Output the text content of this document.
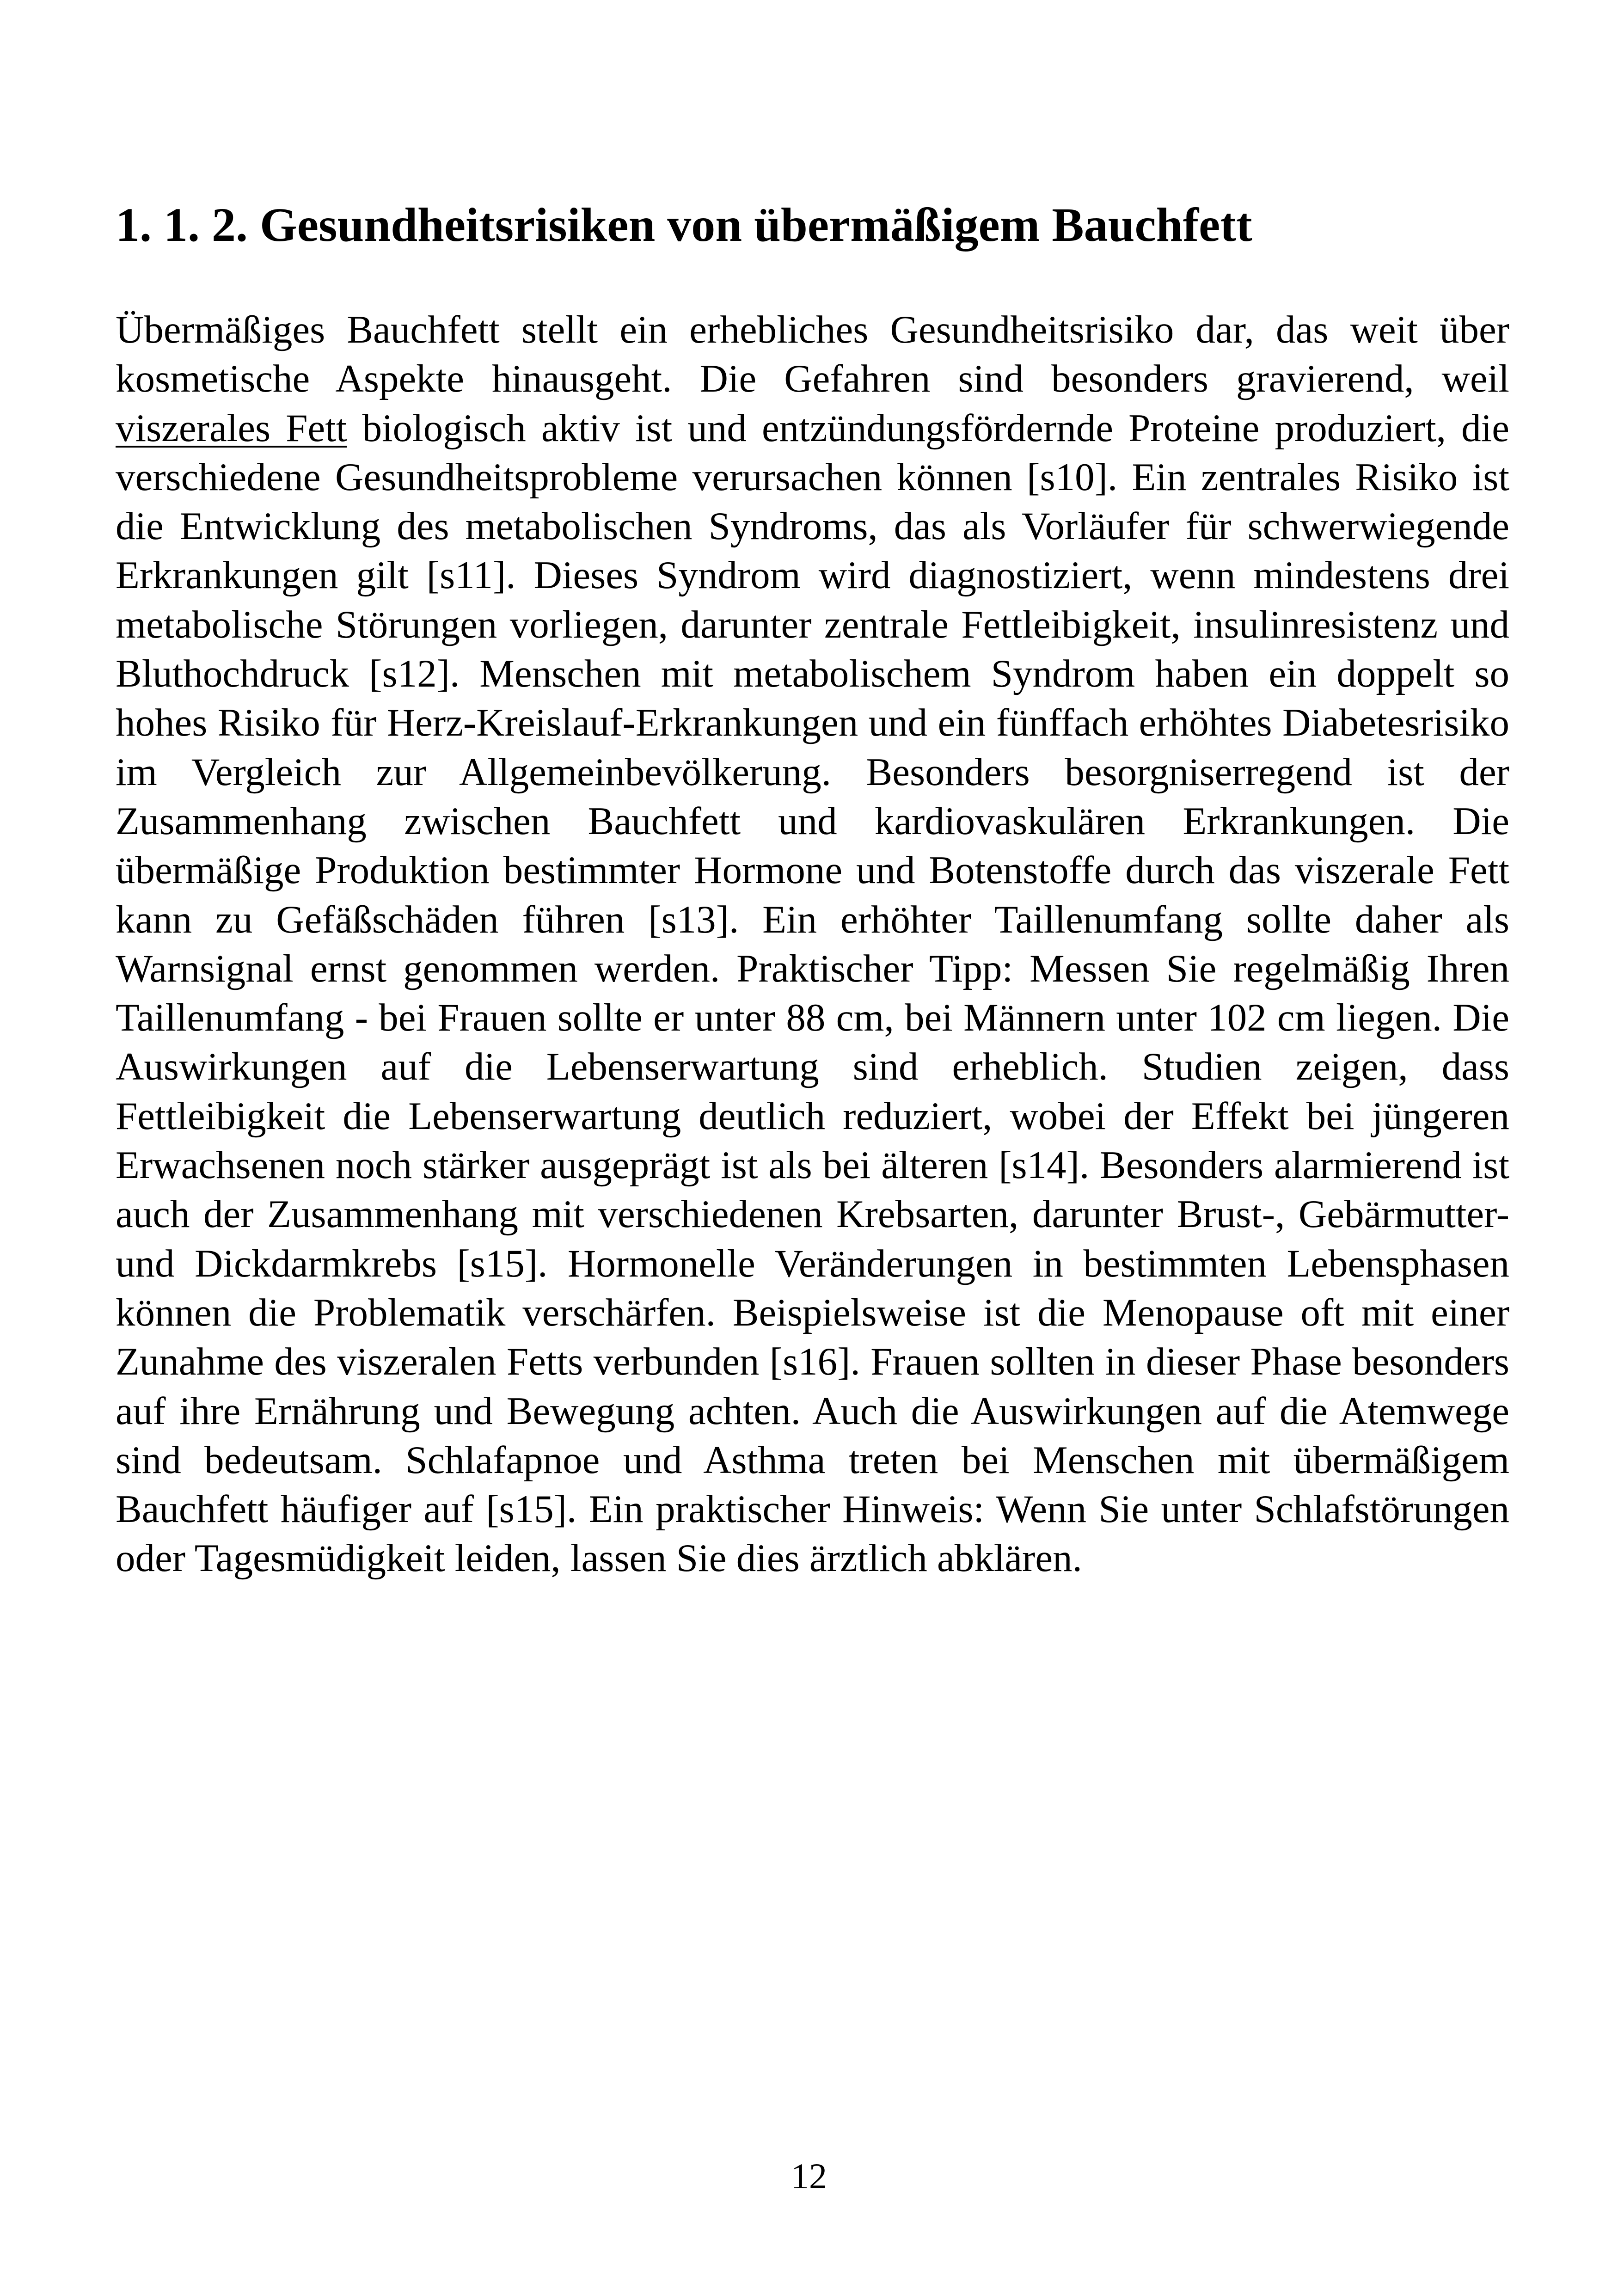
1. 1. 2. Gesundheitsrisiken von übermäßigem Bauchfett

Übermäßiges Bauchfett stellt ein erhebliches Gesundheitsrisiko dar, das weit über kosmetische Aspekte hinausgeht. Die Gefahren sind besonders gravierend, weil viszerales Fett biologisch aktiv ist und entzündungsfördernde Proteine produziert, die verschiedene Gesundheitsprobleme verursachen können [s10]. Ein zentrales Risiko ist die Entwicklung des metabolischen Syndroms, das als Vorläufer für schwerwiegende Erkrankungen gilt [s11]. Dieses Syndrom wird diagnostiziert, wenn mindestens drei metabolische Störungen vorliegen, darunter zentrale Fettleibigkeit, insulinresistenz und Bluthochdruck [s12]. Menschen mit metabolischem Syndrom haben ein doppelt so hohes Risiko für Herz-Kreislauf-Erkrankungen und ein fünffach erhöhtes Diabetesrisiko im Vergleich zur Allgemeinbevölkerung. Besonders besorgniserregend ist der Zusammenhang zwischen Bauchfett und kardiovaskulären Erkrankungen. Die übermäßige Produktion bestimmter Hormone und Botenstoffe durch das viszerale Fett kann zu Gefäßschäden führen [s13]. Ein erhöhter Taillenumfang sollte daher als Warnsignal ernst genommen werden. Praktischer Tipp: Messen Sie regelmäßig Ihren Taillenumfang - bei Frauen sollte er unter 88 cm, bei Männern unter 102 cm liegen. Die Auswirkungen auf die Lebenserwartung sind erheblich. Studien zeigen, dass Fettleibigkeit die Lebenserwartung deutlich reduziert, wobei der Effekt bei jüngeren Erwachsenen noch stärker ausgeprägt ist als bei älteren [s14]. Besonders alarmierend ist auch der Zusammenhang mit verschiedenen Krebsarten, darunter Brust-, Gebärmutter- und Dickdarmkrebs [s15]. Hormonelle Veränderungen in bestimmten Lebensphasen können die Problematik verschärfen. Beispielsweise ist die Menopause oft mit einer Zunahme des viszeralen Fetts verbunden [s16]. Frauen sollten in dieser Phase besonders auf ihre Ernährung und Bewegung achten. Auch die Auswirkungen auf die Atemwege sind bedeutsam. Schlafapnoe und Asthma treten bei Menschen mit übermäßigem Bauchfett häufiger auf [s15]. Ein praktischer Hinweis: Wenn Sie unter Schlafstörungen oder Tagesmüdigkeit leiden, lassen Sie dies ärztlich abklären.

12
